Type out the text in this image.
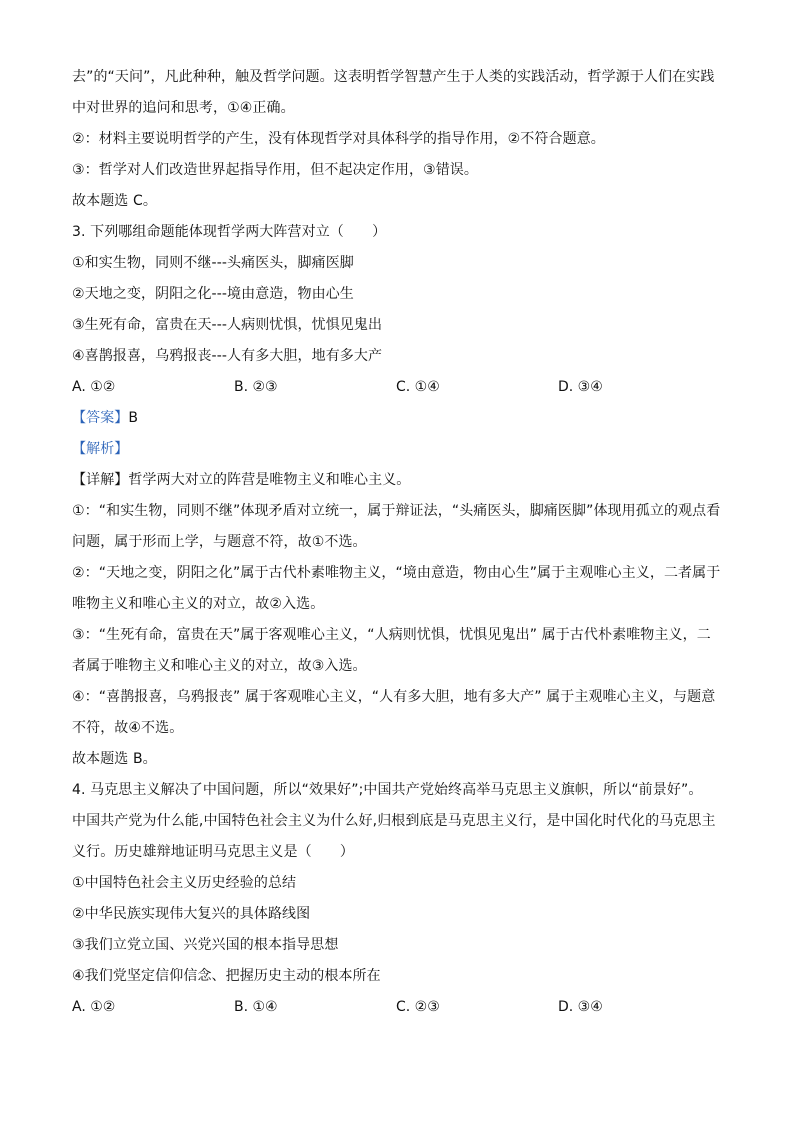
去”的“天问”，凡此种种，触及哲学问题。这表明哲学智慧产生于人类的实践活动，哲学源于人们在实践
中对世界的追问和思考，①④正确。
②：材料主要说明哲学的产生，没有体现哲学对具体科学的指导作用，②不符合题意。
③：哲学对人们改造世界起指导作用，但不起决定作用，③错误。
故本题选 C。
3. 下列哪组命题能体现哲学两大阵营对立（　　）
①和实生物，同则不继---头痛医头，脚痛医脚
②天地之变，阴阳之化---境由意造，物由心生
③生死有命，富贵在天---人病则忧惧，忧惧见鬼出
④喜鹊报喜，乌鸦报丧---人有多大胆，地有多大产
A. ①②	B. ②③	C. ①④	D. ③④
【答案】B
【解析】
【详解】哲学两大对立的阵营是唯物主义和唯心主义。
①：“和实生物，同则不继”体现矛盾对立统一，属于辩证法，“头痛医头，脚痛医脚”体现用孤立的观点看
问题，属于形而上学，与题意不符，故①不选。
②：“天地之变，阴阳之化”属于古代朴素唯物主义，“境由意造，物由心生”属于主观唯心主义，二者属于
唯物主义和唯心主义的对立，故②入选。
③：“生死有命，富贵在天”属于客观唯心主义，“人病则忧惧，忧惧见鬼出” 属于古代朴素唯物主义，二
者属于唯物主义和唯心主义的对立，故③入选。
④：“喜鹊报喜，乌鸦报丧” 属于客观唯心主义，“人有多大胆，地有多大产” 属于主观唯心主义，与题意
不符，故④不选。
故本题选 B。
4. 马克思主义解决了中国问题，所以“效果好”;中国共产党始终高举马克思主义旗帜，所以“前景好”。
中国共产党为什么能,中国特色社会主义为什么好,归根到底是马克思主义行，是中国化时代化的马克思主
义行。历史雄辩地证明马克思主义是（　　）
①中国特色社会主义历史经验的总结
②中华民族实现伟大复兴的具体路线图
③我们立党立国、兴党兴国的根本指导思想
④我们党坚定信仰信念、把握历史主动的根本所在
A. ①②	B. ①④	C. ②③	D. ③④
